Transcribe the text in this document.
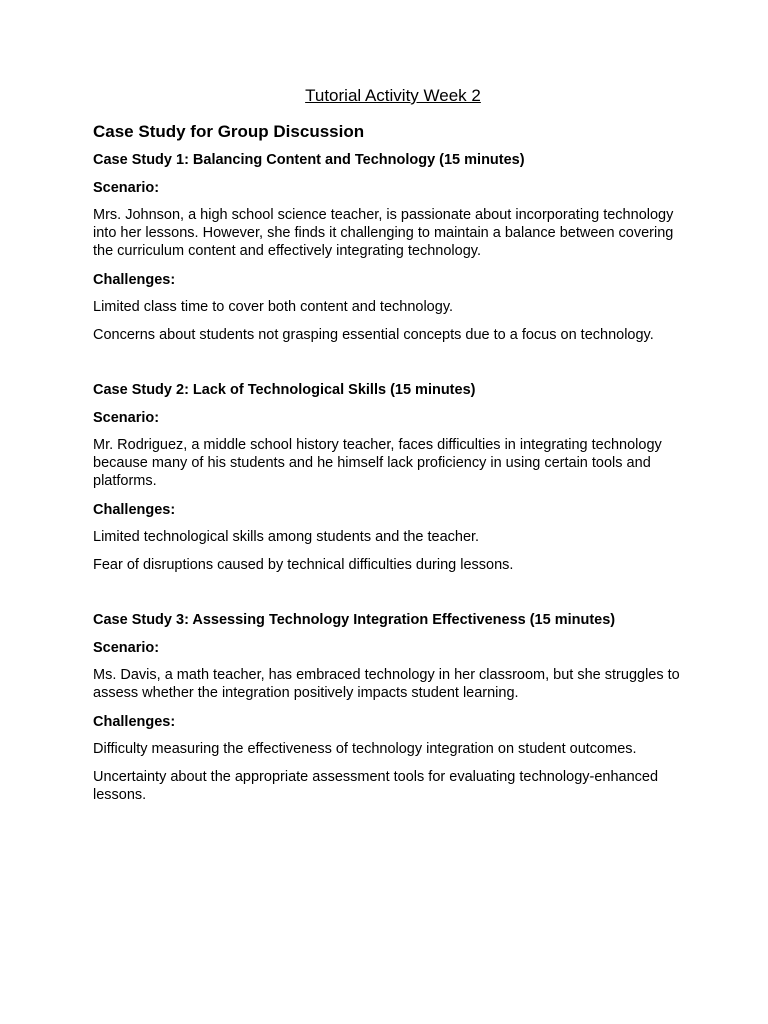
Tutorial Activity Week 2
Case Study for Group Discussion
Case Study 1: Balancing Content and Technology (15 minutes)
Scenario:

Mrs. Johnson, a high school science teacher, is passionate about incorporating technology into her lessons. However, she finds it challenging to maintain a balance between covering the curriculum content and effectively integrating technology.

Challenges:

Limited class time to cover both content and technology.

Concerns about students not grasping essential concepts due to a focus on technology.

Case Study 2: Lack of Technological Skills (15 minutes)
Scenario:

Mr. Rodriguez, a middle school history teacher, faces difficulties in integrating technology because many of his students and he himself lack proficiency in using certain tools and platforms.

Challenges:

Limited technological skills among students and the teacher.

Fear of disruptions caused by technical difficulties during lessons.

Case Study 3: Assessing Technology Integration Effectiveness (15 minutes)
Scenario:

Ms. Davis, a math teacher, has embraced technology in her classroom, but she struggles to assess whether the integration positively impacts student learning.

Challenges:

Difficulty measuring the effectiveness of technology integration on student outcomes.

Uncertainty about the appropriate assessment tools for evaluating technology-enhanced lessons.
